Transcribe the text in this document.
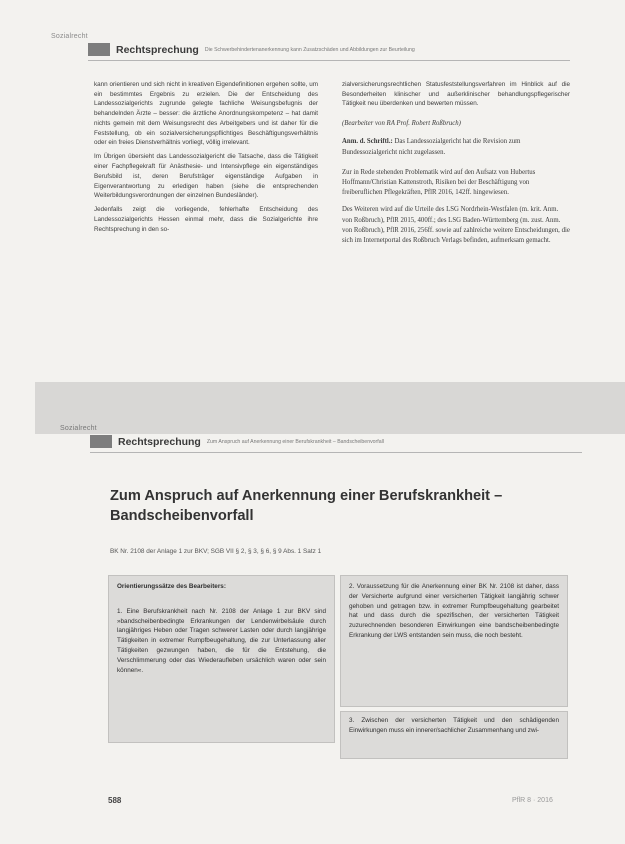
Sozialrecht
Rechtsprechung Die Schwerbehindertenanerkennung kann Zusatzschäden und Abbildungen zur Beurteilung

kann orientieren und sich nicht in kreativen Eigendefinitionen ergehen sollte, um ein bestimmtes Ergebnis zu erzielen. Die der Entscheidung des Landessozialgerichts zugrunde gelegte fachliche Weisungsbefugnis der behandelnden Ärzte – besser: die ärztliche Anordnungskompetenz – hat damit nichts gemein mit dem Weisungsrecht des Arbeitgebers und ist daher für die Feststellung, ob ein sozialversicherungspflichtiges Beschäftigungsverhältnis oder ein freies Dienstverhältnis vorliegt, völlig irrelevant.

Im Übrigen übersieht das Landessozialgericht die Tatsache, dass die Tätigkeit einer Fachpflegekraft für Anästhesie- und Intensivpflege ein eigenständiges Berufsbild ist, deren Berufsträger eigenständige Aufgaben in Eigenverantwortung zu erledigen haben (siehe die entsprechenden Weiterbildungsverordnungen der einzelnen Bundesländer).

Jedenfalls zeigt die vorliegende, fehlerhafte Entscheidung des Landessozialgerichts Hessen einmal mehr, dass die Sozialgerichte ihre Rechtsprechung in den so-

zialversicherungsrechtlichen Statusfeststellungsverfahren im Hinblick auf die Besonderheiten klinischer und außerklinischer behandlungspflegerischer Tätigkeit neu überdenken und bewerten müssen.
(Bearbeiter von RA Prof. Robert Roßbruch)
Anm. d. Schriftl.: Das Landessozialgericht hat die Revision zum Bundessozialgericht nicht zugelassen.

Zur in Rede stehenden Problematik wird auf den Aufsatz von Hubertus Hoffmann/Christian Kattenstroth, Risiken bei der Beschäftigung von freiberuflichen Pflegekräften, PflR 2016, 142ff. hingewiesen.

Des Weiteren wird auf die Urteile des LSG Nordrhein-Westfalen (m. krit. Anm. von Roßbruch), PflR 2015, 400ff.; des LSG Baden-Württemberg (m. zust. Anm. von Roßbruch), PflR 2016, 256ff. sowie auf zahlreiche weitere Entscheidungen, die sich im Internetportal des Roßbruch Verlags befinden, aufmerksam gemacht.

Sozialrecht
Rechtsprechung Zum Anspruch auf Anerkennung einer Berufskrankheit – Bandscheibenvorfall
Zum Anspruch auf Anerkennung einer Berufskrankheit –
Bandscheibenvorfall
BK Nr. 2108 der Anlage 1 zur BKV; SGB VII § 2, § 3, § 6, § 9 Abs. 1 Satz 1
Orientierungssätze des Bearbeiters:
1. Eine Berufskrankheit nach Nr. 2108 der Anlage 1 zur BKV sind »bandscheibenbedingte Erkrankungen der Lendenwirbelsäule durch langjähriges Heben oder Tragen schwerer Lasten oder durch langjährige Tätigkeiten in extremer Rumpfbeugehaltung, die zur Unterlassung aller Tätigkeiten gezwungen haben, die für die Entstehung, die Verschlimmerung oder das Wiederaufleben ursächlich waren oder sein können«.
2. Voraussetzung für die Anerkennung einer BK Nr. 2108 ist daher, dass der Versicherte aufgrund einer versicherten Tätigkeit langjährig schwer gehoben und getragen bzw. in extremer Rumpfbeugehaltung gearbeitet hat und dass durch die spezifischen, der versicherten Tätigkeit zuzurechnenden besonderen Einwirkungen eine bandscheibenbedingte Erkrankung der LWS entstanden sein muss, die noch besteht.
3. Zwischen der versicherten Tätigkeit und den schädigenden Einwirkungen muss ein innerer/sachlicher Zusammenhang und zwi-
588	PflR 8 · 2016
